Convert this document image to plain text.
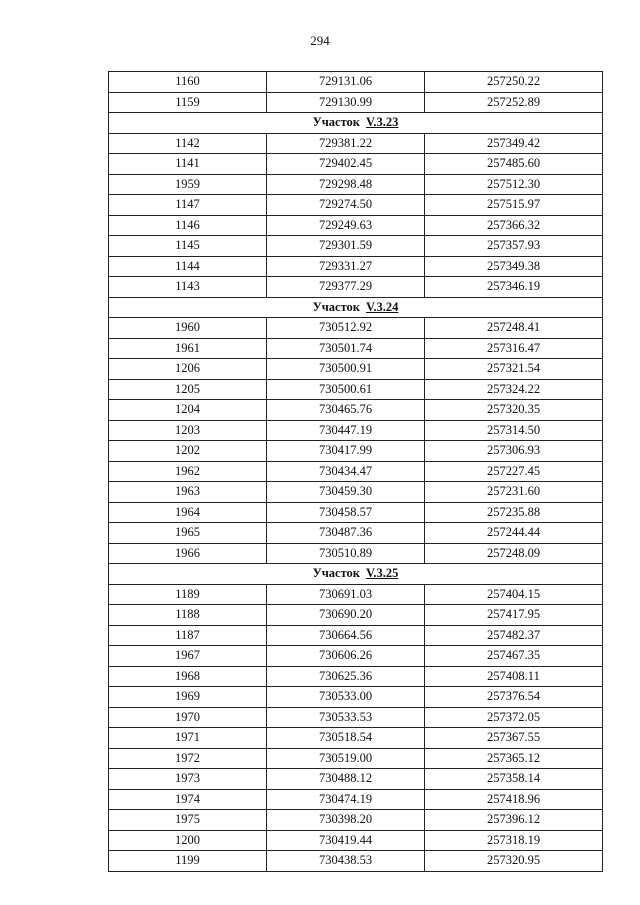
294
1160	729131.06	257250.22
1159	729130.99	257252.89
Участок V.3.23		
1142	729381.22	257349.42
1141	729402.45	257485.60
1959	729298.48	257512.30
1147	729274.50	257515.97
1146	729249.63	257366.32
1145	729301.59	257357.93
1144	729331.27	257349.38
1143	729377.29	257346.19
Участок V.3.24		
1960	730512.92	257248.41
1961	730501.74	257316.47
1206	730500.91	257321.54
1205	730500.61	257324.22
1204	730465.76	257320.35
1203	730447.19	257314.50
1202	730417.99	257306.93
1962	730434.47	257227.45
1963	730459.30	257231.60
1964	730458.57	257235.88
1965	730487.36	257244.44
1966	730510.89	257248.09
Участок V.3.25		
1189	730691.03	257404.15
1188	730690.20	257417.95
1187	730664.56	257482.37
1967	730606.26	257467.35
1968	730625.36	257408.11
1969	730533.00	257376.54
1970	730533.53	257372.05
1971	730518.54	257367.55
1972	730519.00	257365.12
1973	730488.12	257358.14
1974	730474.19	257418.96
1975	730398.20	257396.12
1200	730419.44	257318.19
1199	730438.53	257320.95
